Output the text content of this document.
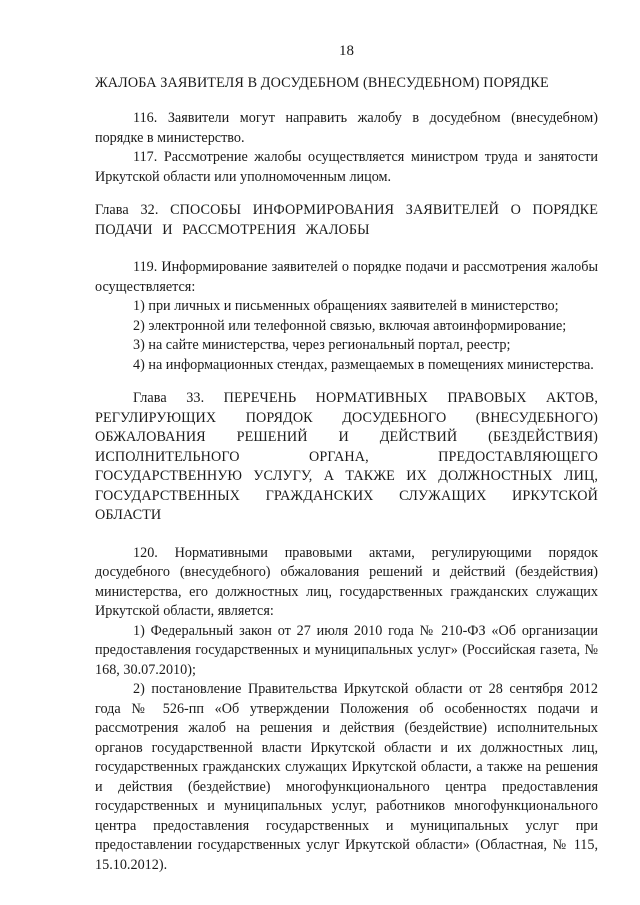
18

ЖАЛОБА ЗАЯВИТЕЛЯ В ДОСУДЕБНОМ (ВНЕСУДЕБНОМ) ПОРЯДКЕ

116. Заявители могут направить жалобу в досудебном (внесудебном) порядке в министерство.

117. Рассмотрение жалобы осуществляется министром труда и занятости Иркутской области или уполномоченным лицом.

Глава 32. СПОСОБЫ ИНФОРМИРОВАНИЯ ЗАЯВИТЕЛЕЙ О ПОРЯДКЕ ПОДАЧИ И РАССМОТРЕНИЯ ЖАЛОБЫ

119. Информирование заявителей о порядке подачи и рассмотрения жалобы осуществляется:

1) при личных и письменных обращениях заявителей в министерство;

2) электронной или телефонной связью, включая автоинформирование;

3) на сайте министерства, через региональный портал, реестр;

4) на информационных стендах, размещаемых в помещениях министерства.

Глава 33. ПЕРЕЧЕНЬ НОРМАТИВНЫХ ПРАВОВЫХ АКТОВ, РЕГУЛИРУЮЩИХ ПОРЯДОК ДОСУДЕБНОГО (ВНЕСУДЕБНОГО) ОБЖАЛОВАНИЯ РЕШЕНИЙ И ДЕЙСТВИЙ (БЕЗДЕЙСТВИЯ) ИСПОЛНИТЕЛЬНОГО ОРГАНА, ПРЕДОСТАВЛЯЮЩЕГО ГОСУДАРСТВЕННУЮ УСЛУГУ, А ТАКЖЕ ИХ ДОЛЖНОСТНЫХ ЛИЦ, ГОСУДАРСТВЕННЫХ ГРАЖДАНСКИХ СЛУЖАЩИХ ИРКУТСКОЙ ОБЛАСТИ

120. Нормативными правовыми актами, регулирующими порядок досудебного (внесудебного) обжалования решений и действий (бездействия) министерства, его должностных лиц, государственных гражданских служащих Иркутской области, является:

1) Федеральный закон от 27 июля 2010 года № 210-ФЗ «Об организации предоставления государственных и муниципальных услуг» (Российская газета, № 168, 30.07.2010);

2) постановление Правительства Иркутской области от 28 сентября 2012 года № 526-пп «Об утверждении Положения об особенностях подачи и рассмотрения жалоб на решения и действия (бездействие) исполнительных органов государственной власти Иркутской области и их должностных лиц, государственных гражданских служащих Иркутской области, а также на решения и действия (бездействие) многофункционального центра предоставления государственных и муниципальных услуг, работников многофункционального центра предоставления государственных и муниципальных услуг при предоставлении государственных услуг Иркутской области» (Областная, № 115, 15.10.2012).
